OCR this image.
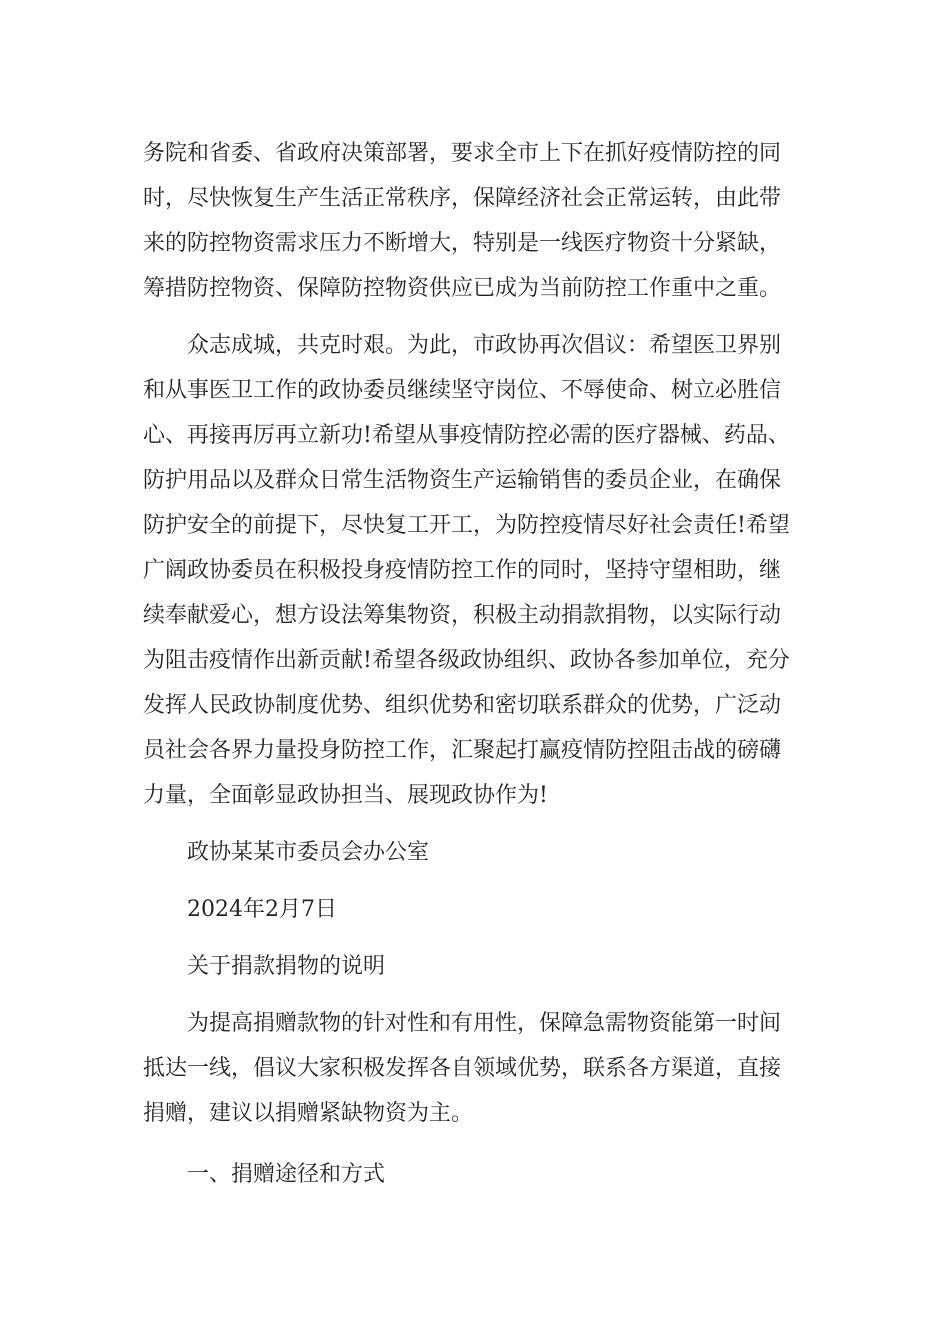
务院和省委、省政府决策部署，要求全市上下在抓好疫情防控的同
时，尽快恢复生产生活正常秩序，保障经济社会正常运转，由此带
来的防控物资需求压力不断增大，特别是一线医疗物资十分紧缺，
筹措防控物资、保障防控物资供应已成为当前防控工作重中之重。

众志成城，共克时艰。为此，市政协再次倡议：希望医卫界别
和从事医卫工作的政协委员继续坚守岗位、不辱使命、树立必胜信
心、再接再厉再立新功!希望从事疫情防控必需的医疗器械、药品、
防护用品以及群众日常生活物资生产运输销售的委员企业，在确保
防护安全的前提下，尽快复工开工，为防控疫情尽好社会责任!希望
广阔政协委员在积极投身疫情防控工作的同时，坚持守望相助，继
续奉献爱心，想方设法筹集物资，积极主动捐款捐物，以实际行动
为阻击疫情作出新贡献!希望各级政协组织、政协各参加单位，充分
发挥人民政协制度优势、组织优势和密切联系群众的优势，广泛动
员社会各界力量投身防控工作，汇聚起打赢疫情防控阻击战的磅礴
力量，全面彰显政协担当、展现政协作为!

政协某某市委员会办公室

2024年2月7日

关于捐款捐物的说明

为提高捐赠款物的针对性和有用性，保障急需物资能第一时间
抵达一线，倡议大家积极发挥各自领域优势，联系各方渠道，直接
捐赠，建议以捐赠紧缺物资为主。

一、捐赠途径和方式
